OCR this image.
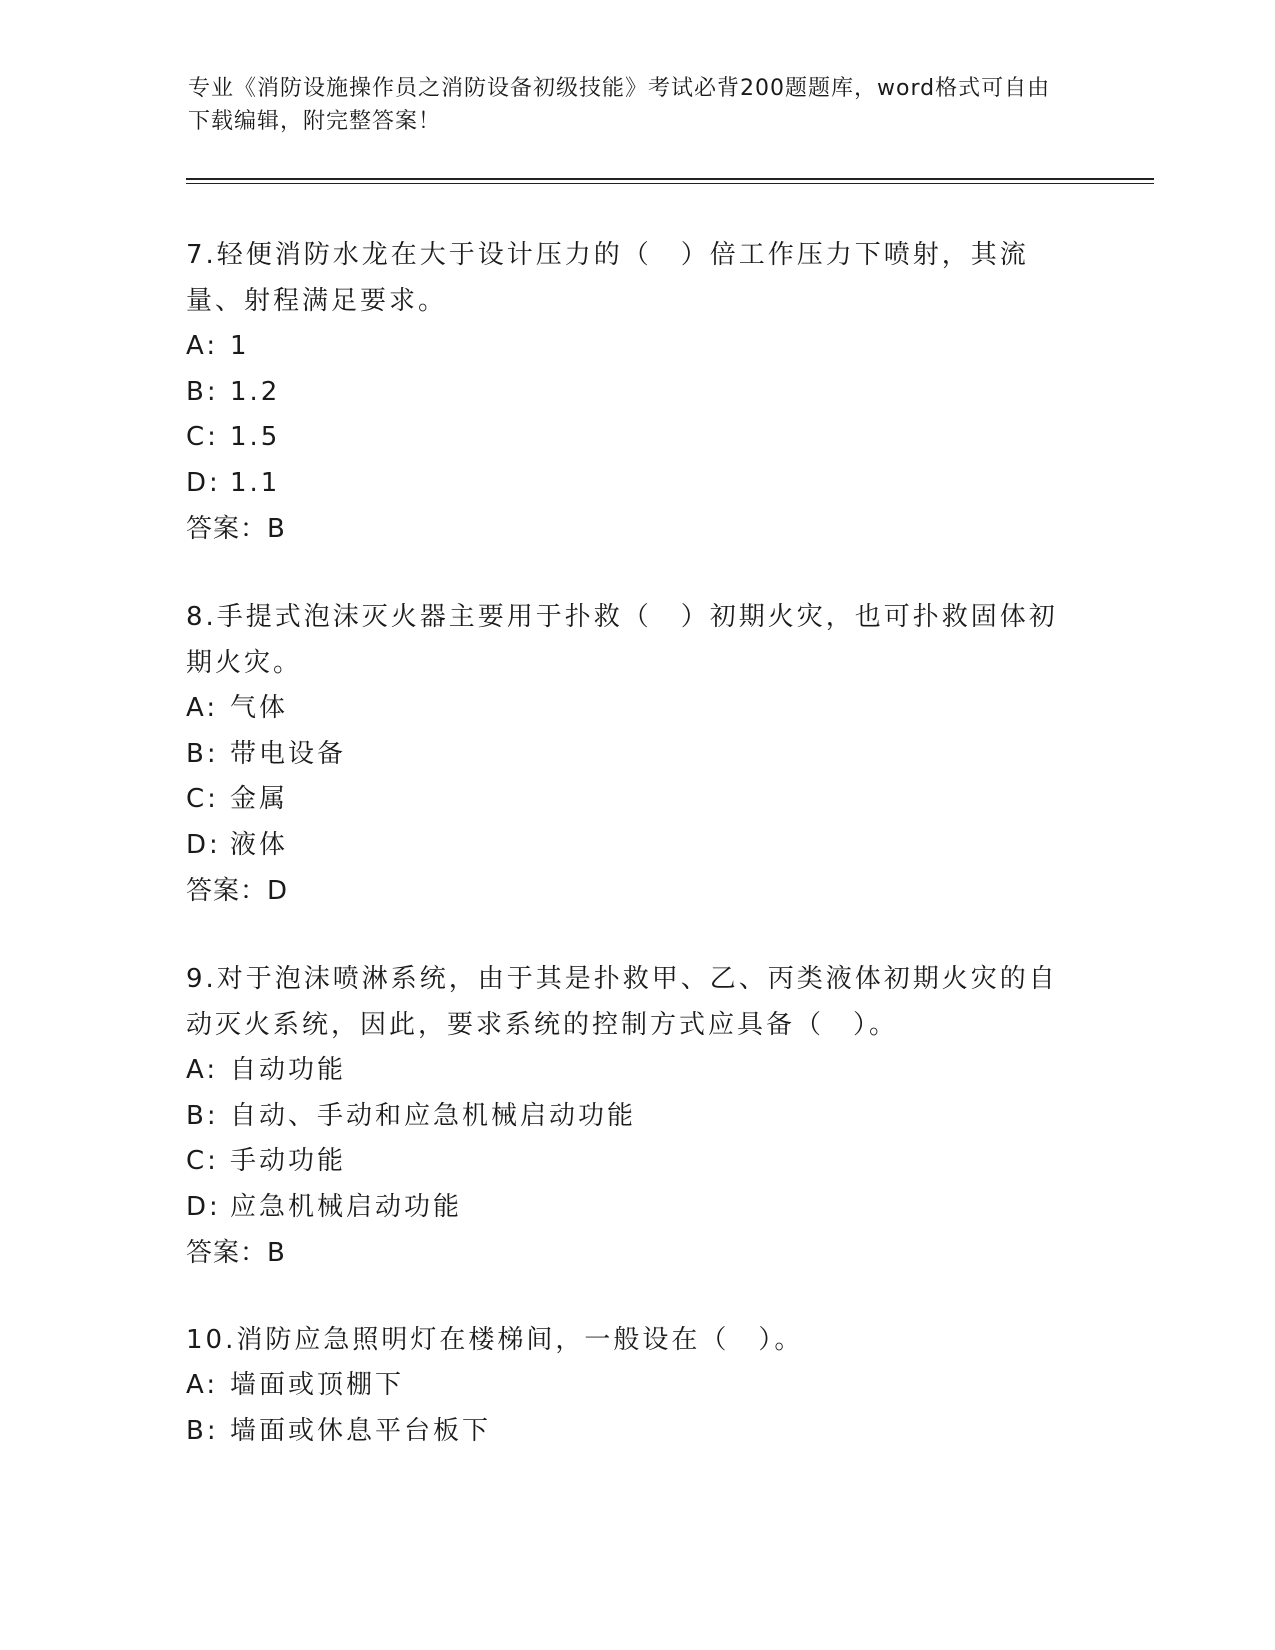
专业《消防设施操作员之消防设备初级技能》考试必背200题题库，word格式可自由下载编辑，附完整答案！

7.轻便消防水龙在大于设计压力的（　）倍工作压力下喷射，其流量、射程满足要求。

A: 1

B: 1.2

C: 1.5

D: 1.1

答案：B

8.手提式泡沫灭火器主要用于扑救（　）初期火灾，也可扑救固体初期火灾。

A: 气体

B: 带电设备

C: 金属

D: 液体

答案：D

9.对于泡沫喷淋系统，由于其是扑救甲、乙、丙类液体初期火灾的自动灭火系统，因此，要求系统的控制方式应具备（　）。

A: 自动功能

B: 自动、手动和应急机械启动功能

C: 手动功能

D: 应急机械启动功能

答案：B

10.消防应急照明灯在楼梯间，一般设在（　）。

A: 墙面或顶棚下

B: 墙面或休息平台板下
